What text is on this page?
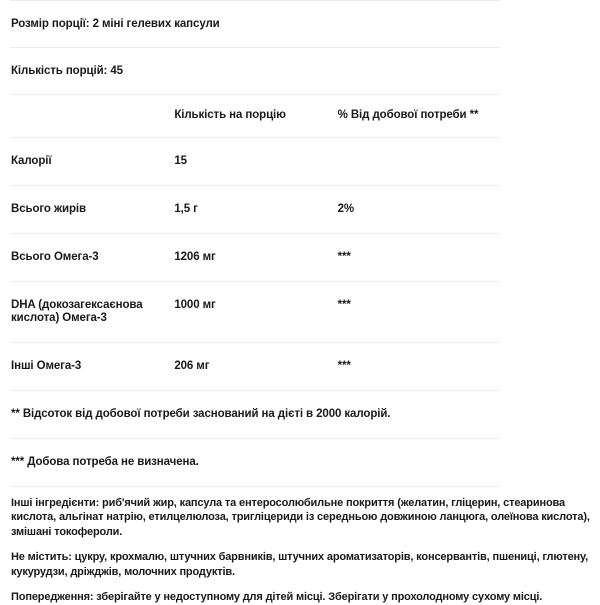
Розмір порції: 2 міні гелевих капсули		

Кількість порцій: 45		

	Кількість на порцію	% Від добової потреби **

Калорії	15	

Всього жирів	1,5 г	2%

Всього Омега-3	1206 мг	***

DHA (докозагексаєнова кислота) Омега-3	1000 мг	***

Інші Омега-3	206 мг	***

** Відсоток від добової потреби заснований на дієті в 2000 калорій.		

*** Добова потреба не визначена.		

Інші інгредієнти: риб'ячий жир, капсула та ентеросолюбильне покриття (желатин, гліцерин, стеаринова кислота, альгінат натрію, етилцелюлоза, тригліцериди із середньою довжиною ланцюга, олеїнова кислота), змішані токофероли.

Не містить: цукру, крохмалю, штучних барвників, штучних ароматизаторів, консервантів, пшениці, глютену, кукурудзи, дріжджів, молочних продуктів.

Попередження: зберігайте у недоступному для дітей місці. Зберігати у прохолодному сухому місці.
